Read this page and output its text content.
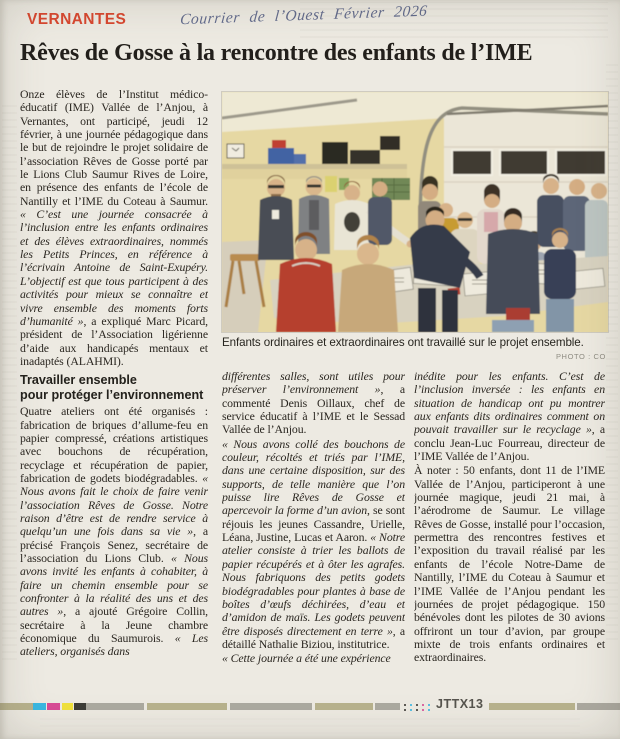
VERNANTES	Courrier de l’Ouest Février 2026
Rêves de Gosse à la rencontre des enfants de l’IME

Onze élèves de l’Institut médico-éducatif (IME) Vallée de l’Anjou, à Vernantes, ont participé, jeudi 12 février, à une journée pédagogique dans le but de rejoindre le projet solidaire de l’association Rêves de Gosse porté par le Lions Club Saumur Rives de Loire, en présence des enfants de l’école de Nantilly et l’IME du Coteau à Saumur. « C’est une journée consacrée à l’inclusion entre les enfants ordinaires et des élèves extraordinaires, nommés les Petits Princes, en référence à l’écrivain Antoine de Saint-Exupéry. L’objectif est que tous participent à des activités pour mieux se connaître et vivre ensemble des moments forts d’humanité », a expliqué Marc Picard, président de l’Association ligérienne d’aide aux handicapés mentaux et inadaptés (ALAHMI).

Travailler ensemble
pour protéger l’environnement

Quatre ateliers ont été organisés : fabrication de briques d’allume-feu en papier compressé, créations artistiques avec bouchons de récupération, recyclage et récupération de papier, fabrication de godets biodégradables. « Nous avons fait le choix de faire venir l’association Rêves de Gosse. Notre raison d’être est de rendre service à quelqu’un une fois dans sa vie », a précisé François Senez, secrétaire de l’association du Lions Club. « Nous avons invité les enfants à cohabiter, à faire un chemin ensemble pour se confronter à la réalité des uns et des autres », a ajouté Grégoire Collin, secrétaire à la Jeune chambre économique du Saumurois. « Les ateliers, organisés dans

Enfants ordinaires et extraordinaires ont travaillé sur le projet ensemble.
PHOTO : CO

différentes salles, sont utiles pour préserver l’environnement », a commenté Denis Oillaux, chef de service éducatif à l’IME et le Sessad Vallée de l’Anjou.

« Nous avons collé des bouchons de couleur, récoltés et triés par l’IME, dans une certaine disposition, sur des supports, de telle manière que l’on puisse lire Rêves de Gosse et apercevoir la forme d’un avion, se sont réjouis les jeunes Cassandre, Urielle, Léana, Justine, Lucas et Aaron. « Notre atelier consiste à trier les ballots de papier récupérés et à ôter les agrafes. Nous fabriquons des petits godets biodégradables pour plantes à base de boîtes d’œufs déchirées, d’eau et d’amidon de maïs. Les godets peuvent être disposés directement en terre », a détaillé Nathalie Biziou, institutrice.

« Cette journée a été une expérience

inédite pour les enfants. C’est de l’inclusion inversée : les enfants en situation de handicap ont pu montrer aux enfants dits ordinaires comment on pouvait travailler sur le recyclage », a conclu Jean-Luc Fourreau, directeur de l’IME Vallée de l’Anjou.

À noter : 50 enfants, dont 11 de l’IME Vallée de l’Anjou, participeront à une journée magique, jeudi 21 mai, à l’aérodrome de Saumur. Le village Rêves de Gosse, installé pour l’occasion, permettra des rencontres festives et l’exposition du travail réalisé par les enfants de l’école Notre-Dame de Nantilly, l’IME du Coteau à Saumur et l’IME Vallée de l’Anjou pendant les journées de projet pédagogique. 150 bénévoles dont les pilotes de 30 avions offriront un tour d’avion, par groupe mixte de trois enfants ordinaires et extraordinaires.

JTTX13
